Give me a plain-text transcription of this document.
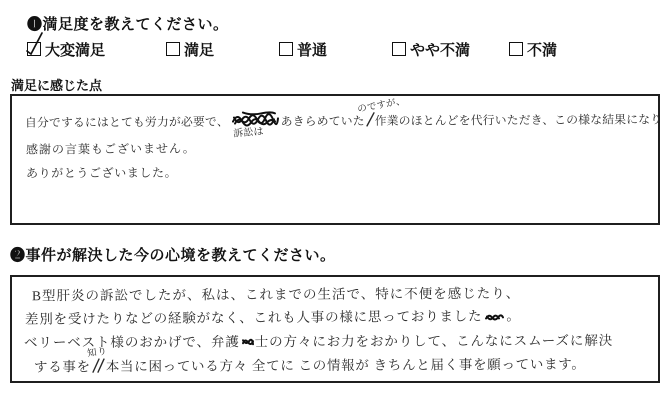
❶満足度を教えてください。
大変満足	満足	普通	やや不満	不満
満足に感じた点
自分でするにはとても労力が必要で、
訴訟は
あきらめていた
のですが、
作業のほとんどを代行いただき、この様な結果になり
感謝の言葉もございません。
ありがとうございました。
❷事件が解決した今の心境を教えてください。
B型肝炎の訴訟でしたが、私は、これまでの生活で、特に不便を感じたり、
差別を受けたりなどの経験がなく、これも人事の様に思っておりました 。
ベリーベスト様のおかげで、弁護 士の方々にお力をおかりして、こんなにスムーズに解決
する事を
知り
本当に困っている方々 全てに この情報が きちんと届く事を願っています。
